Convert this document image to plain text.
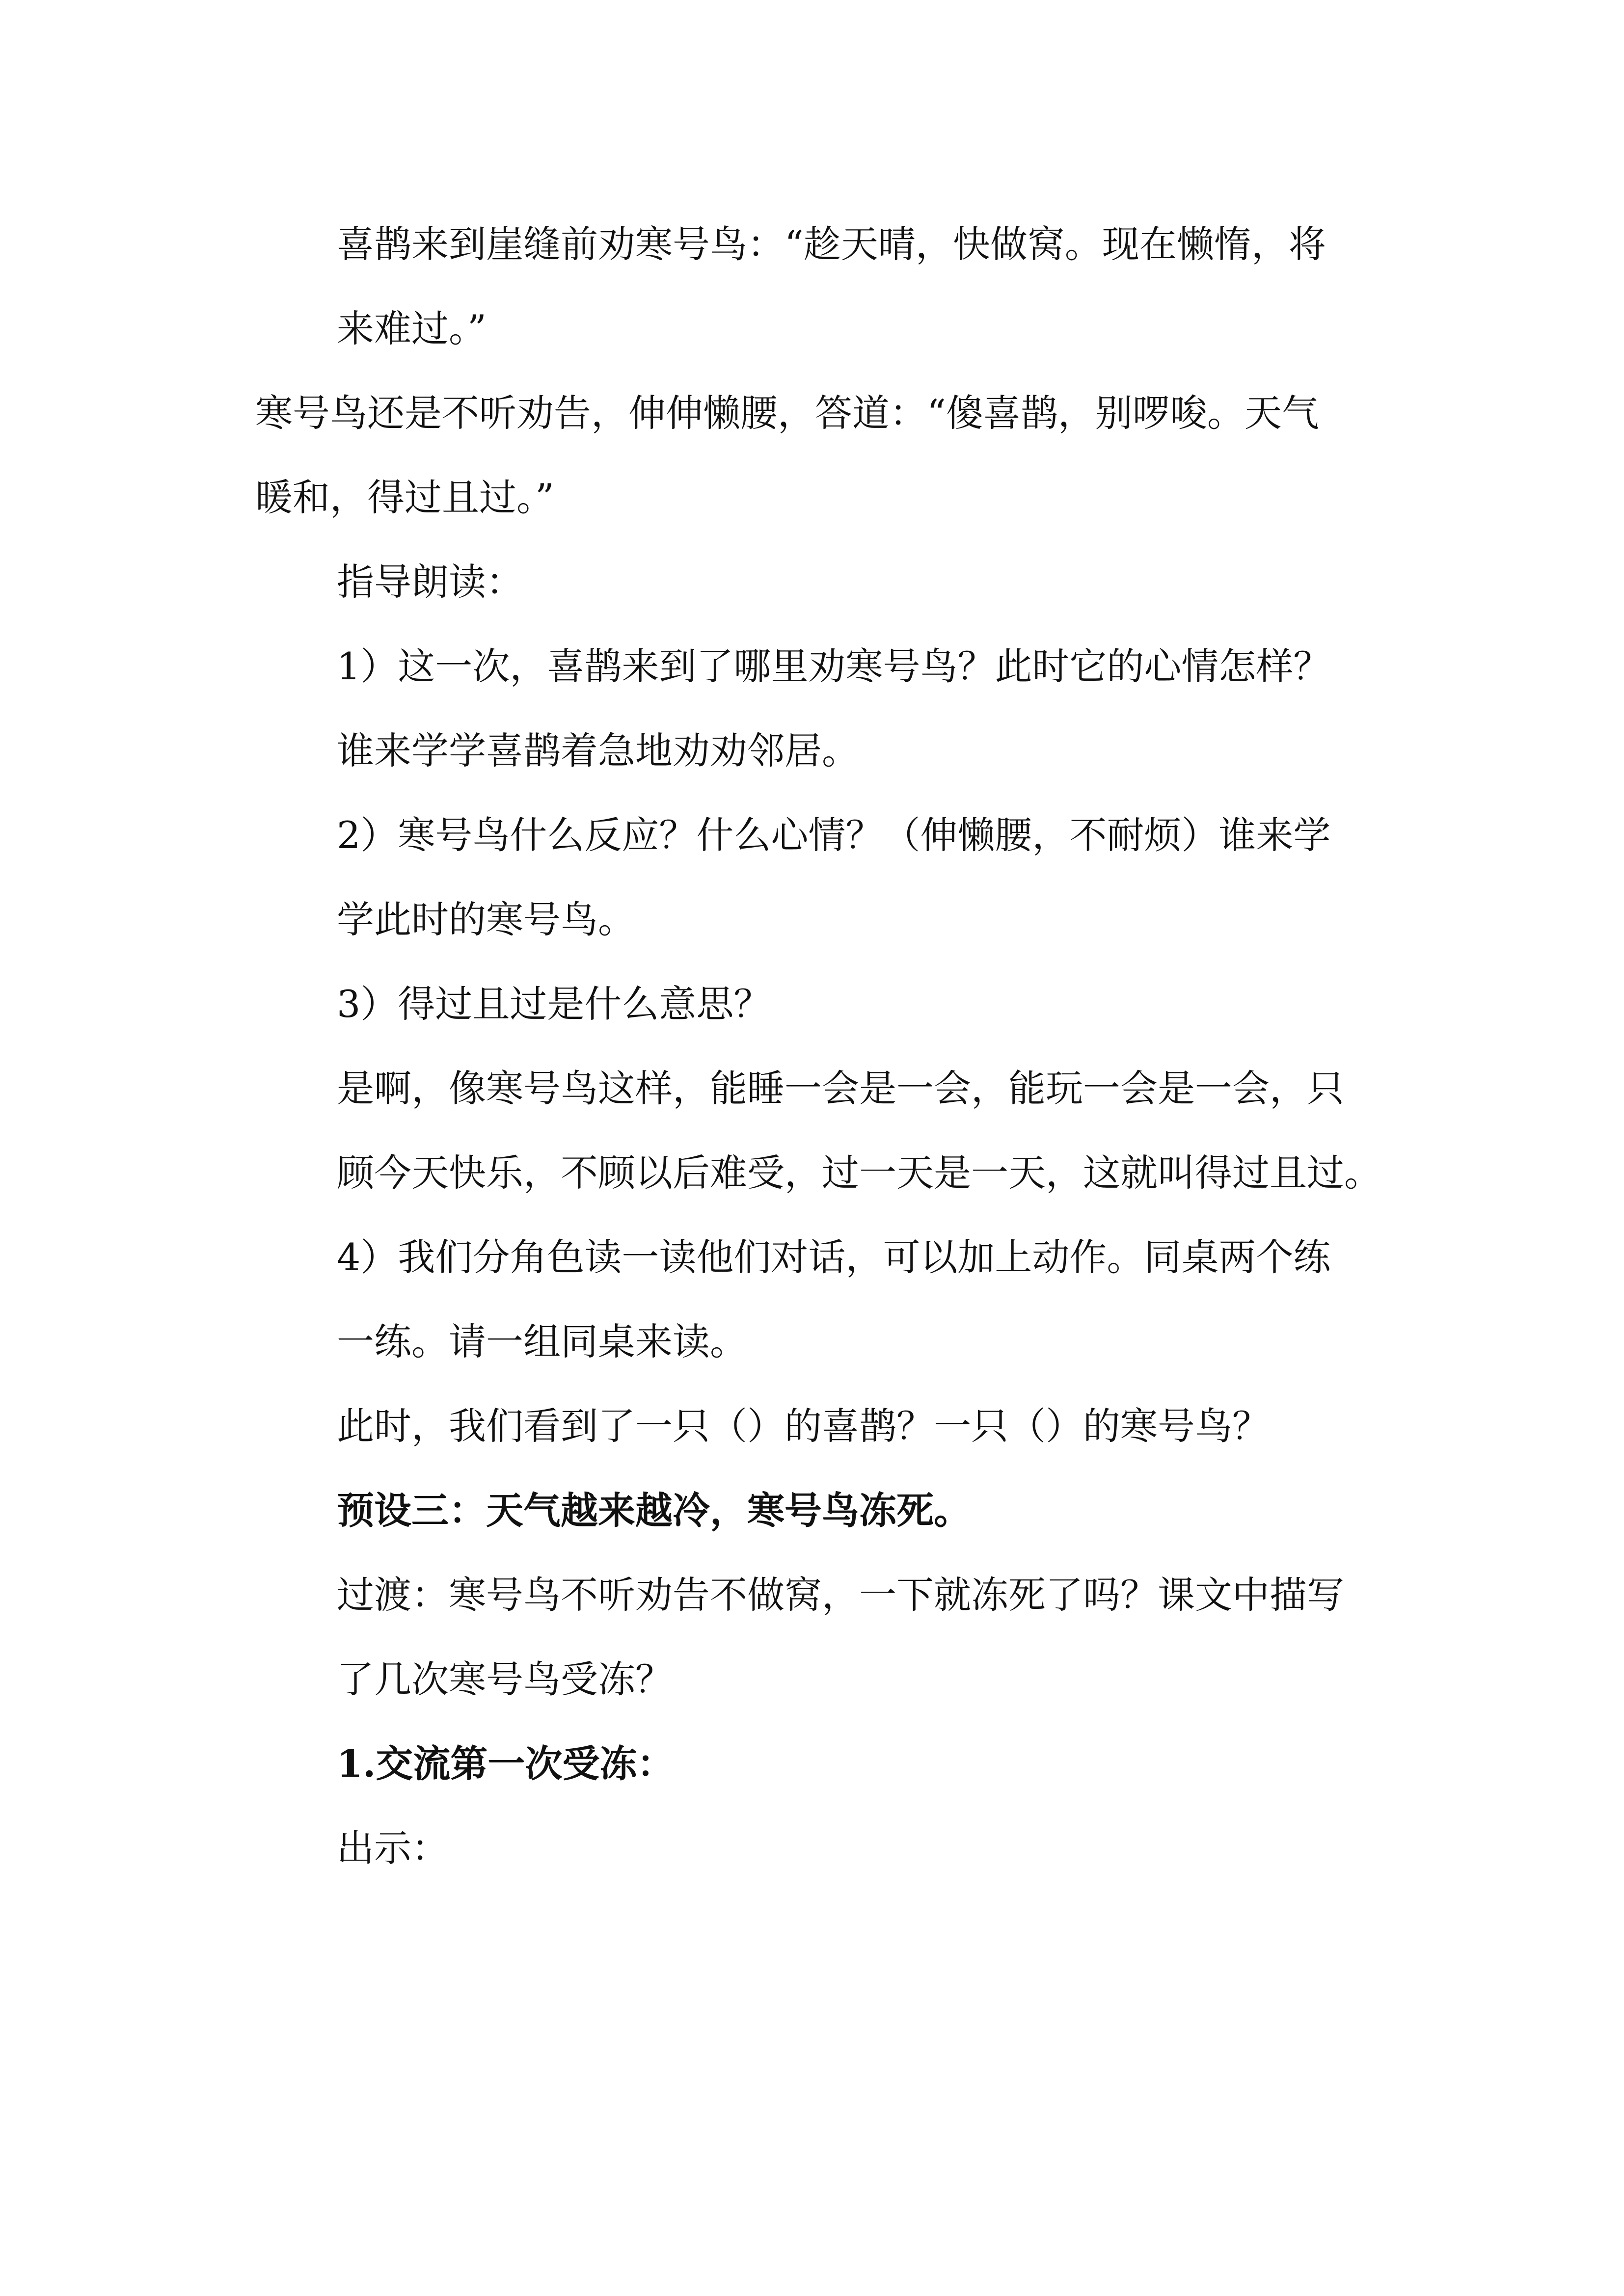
喜鹊来到崖缝前劝寒号鸟：“趁天晴，快做窝。现在懒惰，将
来难过。”

寒号鸟还是不听劝告，伸伸懒腰，答道：“傻喜鹊，别啰唆。天气
暖和，得过且过。”

指导朗读：

1）这一次，喜鹊来到了哪里劝寒号鸟？此时它的心情怎样？
谁来学学喜鹊着急地劝劝邻居。

2）寒号鸟什么反应？什么心情？（伸懒腰，不耐烦）谁来学
学此时的寒号鸟。

3）得过且过是什么意思？

是啊，像寒号鸟这样，能睡一会是一会，能玩一会是一会，只
顾今天快乐，不顾以后难受，过一天是一天，这就叫得过且过。

4）我们分角色读一读他们对话，可以加上动作。同桌两个练
一练。请一组同桌来读。

此时，我们看到了一只（）的喜鹊？一只（）的寒号鸟？

预设三：天气越来越冷，寒号鸟冻死。

过渡：寒号鸟不听劝告不做窝，一下就冻死了吗？课文中描写
了几次寒号鸟受冻？

1.交流第一次受冻：

出示：
